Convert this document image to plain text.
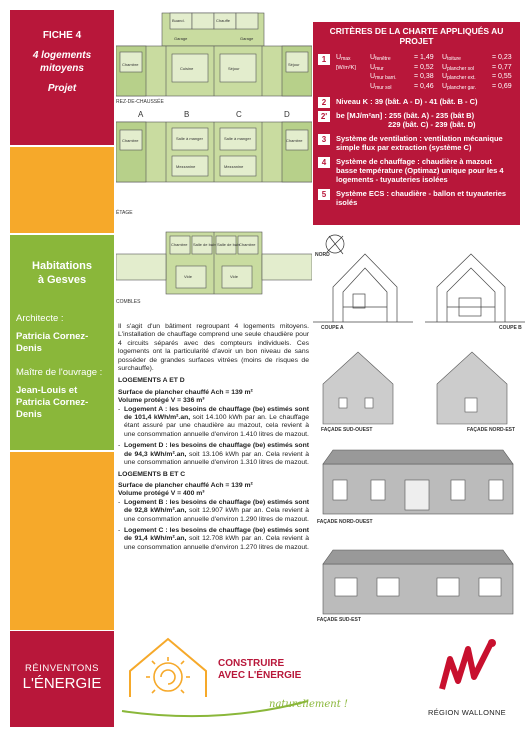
FICHE 4
4 logements
mitoyens
Projet
Habitations
à Gesves
Architecte :
Patricia Cornez-Denis
Maître de l'ouvrage :
Jean-Louis et Patricia Cornez-Denis
Buand.	Chauffe
Garage	Garage
Chambre	Séjour
Cuisine	Séjour
Chambre	Chambre
Salle à manger	Salle à manger
Mezzanine	Mezzanine
Chambre Salle de bain Salle de bain
Chambre
Vide	Vide
REZ-DE-CHAUSSÉE
A	B	C	D
ÉTAGE
COMBLES
CRITÈRES DE LA CHARTE APPLIQUÉS AU PROJET
1	$U_{max}$	$U_{fenêtre}$	= 1,49	$U_{toiture}$	= 0,23
[W/m²K]	$U_{mur}$	= 0,52	$U_{plancher sol}$	= 0,77
$U_{mur barri.}$	= 0,38	$U_{plancher ext.}$	= 0,55
$U_{mur sol}$	= 0,46	$U_{plancher gar.}$	= 0,69
2	Niveau K : 39 (bât. A - D) - 41 (bât. B - C)
2'	be [MJ/m²an] : 255 (bât. A) - 235 (bât B)
229 (bât. C) - 239 (bât. D)
3	Système de ventilation : ventilation mécanique simple flux par extraction (système C)
4	Système de chauffage : chaudière à mazout basse température (Optimaz) unique pour les 4 logements - tuyauteries isolées
5	Système ECS : chaudière - ballon et tuyauteries isolés

Il s'agit d'un bâtiment regroupant 4 logements mitoyens. L'installation de chauffage comprend une seule chaudière pour 4 circuits séparés avec des compteurs individuels. Ces logements ont la particularité d'avoir un bon niveau de sans posséder de grandes surfaces vitrées (moins de risques de surchauffe).

LOGEMENTS A ET D
Surface de plancher chauffé Ach = 139 m²
Volume protégé V = 336 m³
- Logement A : les besoins de chauffage (be) estimés sont de 101,4 kWh/m².an, soit 14.100 kWh par an. Le chauffage étant assuré par une chaudière au mazout, cela revient à une consommation annuelle d'environ 1.410 litres de mazout.
- Logement D : les besoins de chauffage (be) estimés sont de 94,3 kWh/m².an, soit 13.106 kWh par an. Cela revient à une consommation annuelle d'environ 1.310 litres de mazout.
LOGEMENTS B ET C
Surface de plancher chauffé Ach = 139 m²
Volume protégé V = 400 m³
- Logement B : les besoins de chauffage (be) estimés sont de 92,8 kWh/m².an, soit 12.907 kWh par an. Cela revient à une consommation annuelle d'environ 1.290 litres de mazout.
- Logement C : les besoins de chauffage (be) estimés sont de 91,4 kWh/m².an, soit 12.708 kWh par an. Cela revient à une consommation annuelle d'environ 1.270 litres de mazout.
NORD
COUPE A	COUPE B
FAÇADE SUD-OUEST	FAÇADE NORD-EST
FAÇADE NORD-OUEST
FAÇADE SUD-EST
RÉINVENTONS
L'ÉNERGIE
CONSTRUIRE
AVEC L'ÉNERGIE
naturellement !
RÉGION WALLONNE
